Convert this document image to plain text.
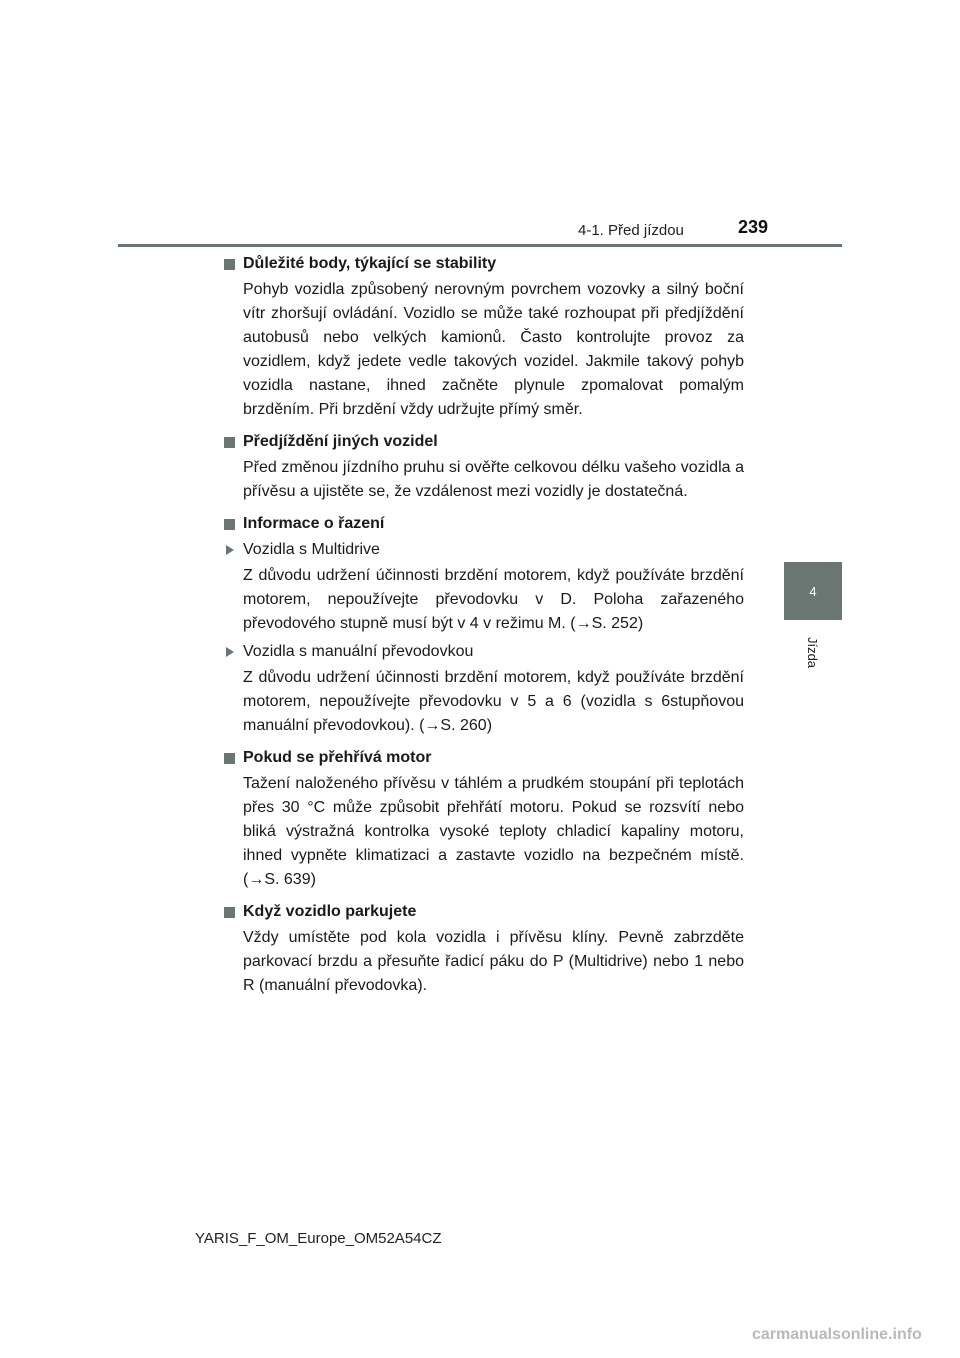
4-1. Před jízdou	239
4
Jízda
Důležité body, týkající se stability
Pohyb vozidla způsobený nerovným povrchem vozovky a silný boční vítr zhoršují ovládání. Vozidlo se může také rozhoupat při předjíždění autobusů nebo velkých kamionů. Často kontrolujte provoz za vozidlem, když jedete vedle takových vozidel. Jakmile takový pohyb vozidla nastane, ihned začněte plynule zpomalovat pomalým brzděním. Při brzdění vždy udržujte přímý směr.
Předjíždění jiných vozidel
Před změnou jízdního pruhu si ověřte celkovou délku vašeho vozidla a přívěsu a ujistěte se, že vzdálenost mezi vozidly je dostatečná.
Informace o řazení
Vozidla s Multidrive
Z důvodu udržení účinnosti brzdění motorem, když používáte brzdění motorem, nepoužívejte převodovku v D. Poloha zařazeného převodového stupně musí být v 4 v režimu M. (→S. 252)
Vozidla s manuální převodovkou
Z důvodu udržení účinnosti brzdění motorem, když používáte brzdění motorem, nepoužívejte převodovku v 5 a 6 (vozidla s 6stupňovou manuální převodovkou). (→S. 260)
Pokud se přehřívá motor
Tažení naloženého přívěsu v táhlém a prudkém stoupání při teplotách přes 30 °C může způsobit přehřátí motoru. Pokud se rozsvítí nebo bliká výstražná kontrolka vysoké teploty chladicí kapaliny motoru, ihned vypněte klimatizaci a zastavte vozidlo na bezpečném místě. (→S. 639)
Když vozidlo parkujete
Vždy umístěte pod kola vozidla i přívěsu klíny. Pevně zabrzděte parkovací brzdu a přesuňte řadicí páku do P (Multidrive) nebo 1 nebo R (manuální převodovka).
YARIS_F_OM_Europe_OM52A54CZ
carmanualsonline.info
